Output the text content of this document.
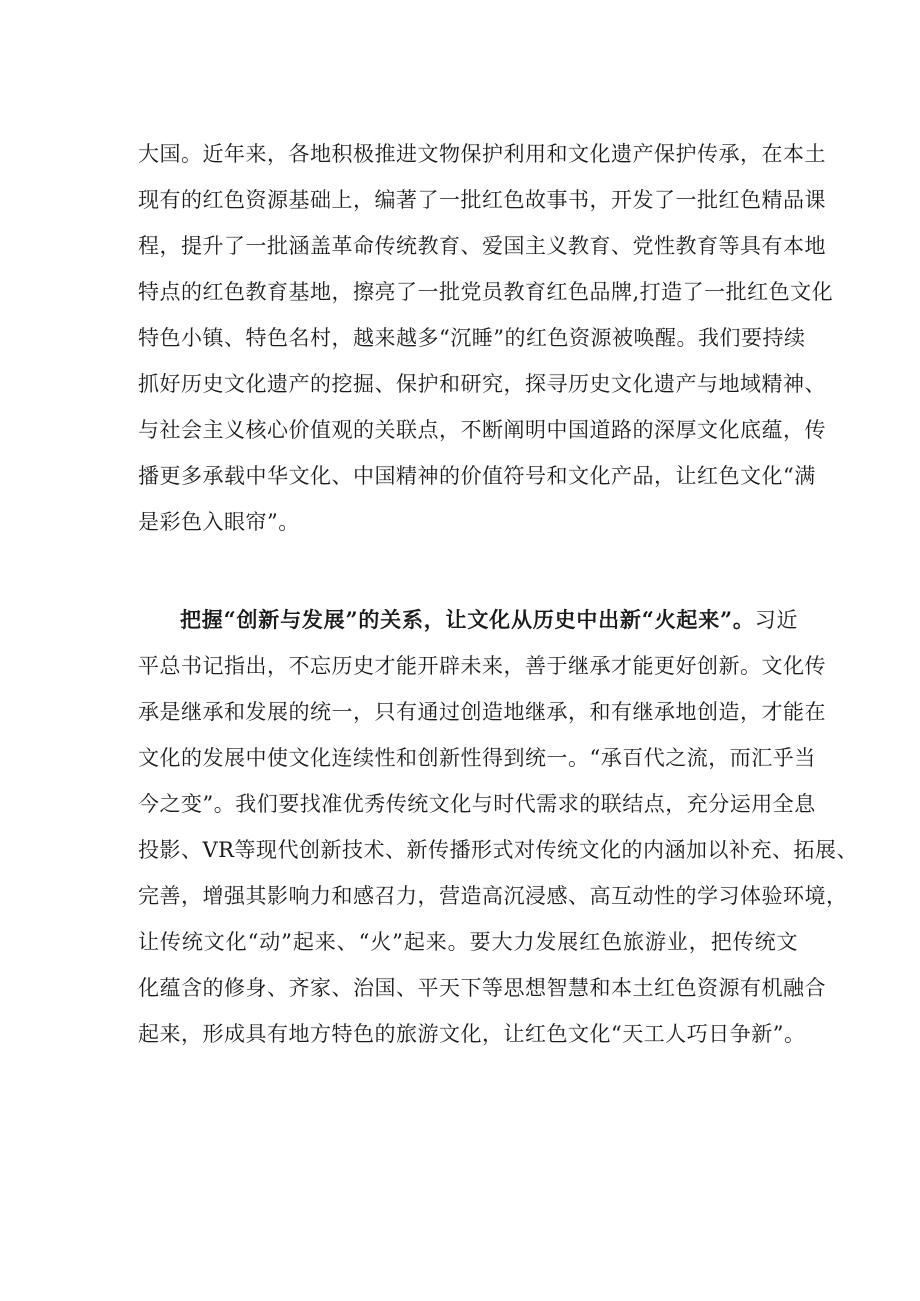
大国。近年来，各地积极推进文物保护利用和文化遗产保护传承，在本土
现有的红色资源基础上，编著了一批红色故事书，开发了一批红色精品课
程，提升了一批涵盖革命传统教育、爱国主义教育、党性教育等具有本地
特点的红色教育基地，擦亮了一批党员教育红色品牌,打造了一批红色文化
特色小镇、特色名村，越来越多“沉睡”的红色资源被唤醒。我们要持续
抓好历史文化遗产的挖掘、保护和研究，探寻历史文化遗产与地域精神、
与社会主义核心价值观的关联点，不断阐明中国道路的深厚文化底蕴，传
播更多承载中华文化、中国精神的价值符号和文化产品，让红色文化“满
是彩色入眼帘”。
把握“创新与发展”的关系，让文化从历史中出新“火起来”。习近
平总书记指出，不忘历史才能开辟未来，善于继承才能更好创新。文化传
承是继承和发展的统一，只有通过创造地继承，和有继承地创造，才能在
文化的发展中使文化连续性和创新性得到统一。“承百代之流，而汇乎当
今之变”。我们要找准优秀传统文化与时代需求的联结点，充分运用全息
投影、VR等现代创新技术、新传播形式对传统文化的内涵加以补充、拓展、
完善，增强其影响力和感召力，营造高沉浸感、高互动性的学习体验环境，
让传统文化“动”起来、“火”起来。要大力发展红色旅游业，把传统文
化蕴含的修身、齐家、治国、平天下等思想智慧和本土红色资源有机融合
起来，形成具有地方特色的旅游文化，让红色文化“天工人巧日争新”。
